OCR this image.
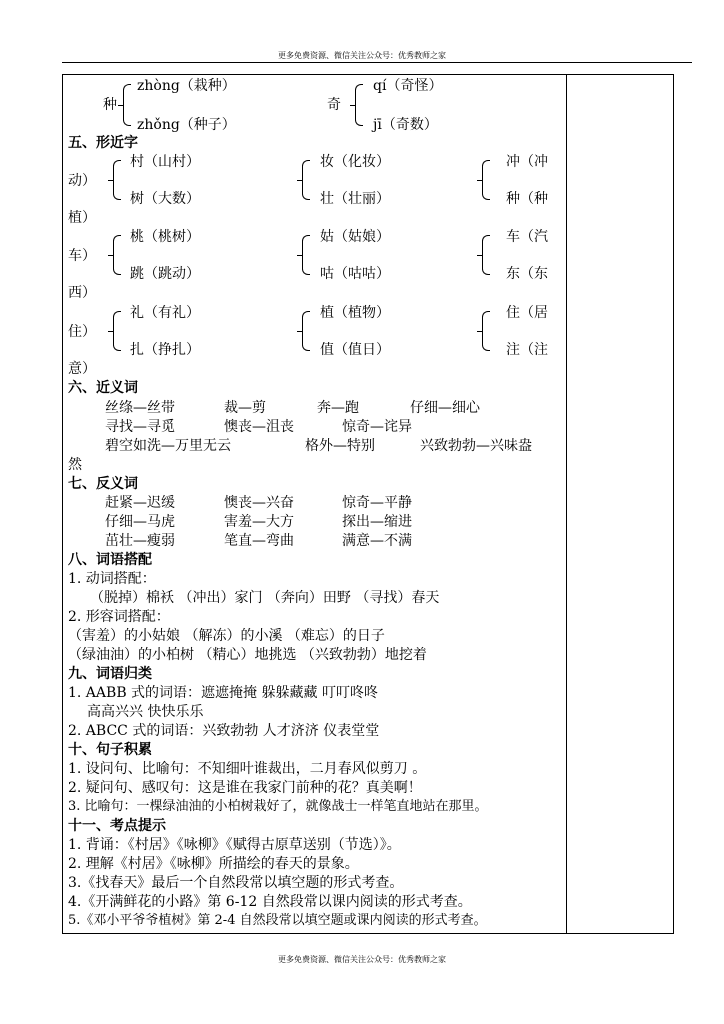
更多免费资源、微信关注公众号：优秀教师之家
zhòng（栽种）
种
zhǒng（种子）
qí（奇怪）
奇
jī（奇数）
五、形近字
村（山村）	妆（化妆）	冲（冲
动）
树（大数）	壮（壮丽）	种（种
植）
桃（桃树）	姑（姑娘）	车（汽
车）
跳（跳动）	咕（咕咕）	东（东
西）
礼（有礼）	植（植物）	住（居
住）
扎（挣扎）	值（值日）	注（注
意）
六、近义词
丝绦—丝带	裁—剪	奔—跑	仔细—细心
寻找—寻觅	懊丧—沮丧	惊奇—诧异
碧空如洗—万里无云	格外—特别	兴致勃勃—兴味盎
然
七、反义词
赶紧—迟缓	懊丧—兴奋	惊奇—平静
仔细—马虎	害羞—大方	探出—缩进
茁壮—瘦弱	笔直—弯曲	满意—不满
八、词语搭配
1. 动词搭配：
（脱掉）棉袄 （冲出）家门 （奔向）田野 （寻找）春天
2. 形容词搭配：
（害羞）的小姑娘 （解冻）的小溪 （难忘）的日子
（绿油油）的小柏树 （精心）地挑选 （兴致勃勃）地挖着
九、词语归类
1. AABB 式的词语：遮遮掩掩 躲躲藏藏 叮叮咚咚
高高兴兴 快快乐乐
2. ABCC 式的词语：兴致勃勃 人才济济 仪表堂堂
十、句子积累
1. 设问句、比喻句：不知细叶谁裁出，二月春风似剪刀 。
2. 疑问句、感叹句：这是谁在我家门前种的花？真美啊！
3. 比喻句：一棵绿油油的小柏树栽好了，就像战士一样笔直地站在那里。
十一、考点提示
1. 背诵：《村居》《咏柳》《赋得古原草送别（节选）》。
2. 理解《村居》《咏柳》所描绘的春天的景象。
3.《找春天》最后一个自然段常以填空题的形式考查。
4.《开满鲜花的小路》第 6-12 自然段常以课内阅读的形式考查。
5.《邓小平爷爷植树》第 2-4 自然段常以填空题或课内阅读的形式考查。
更多免费资源、微信关注公众号：优秀教师之家
